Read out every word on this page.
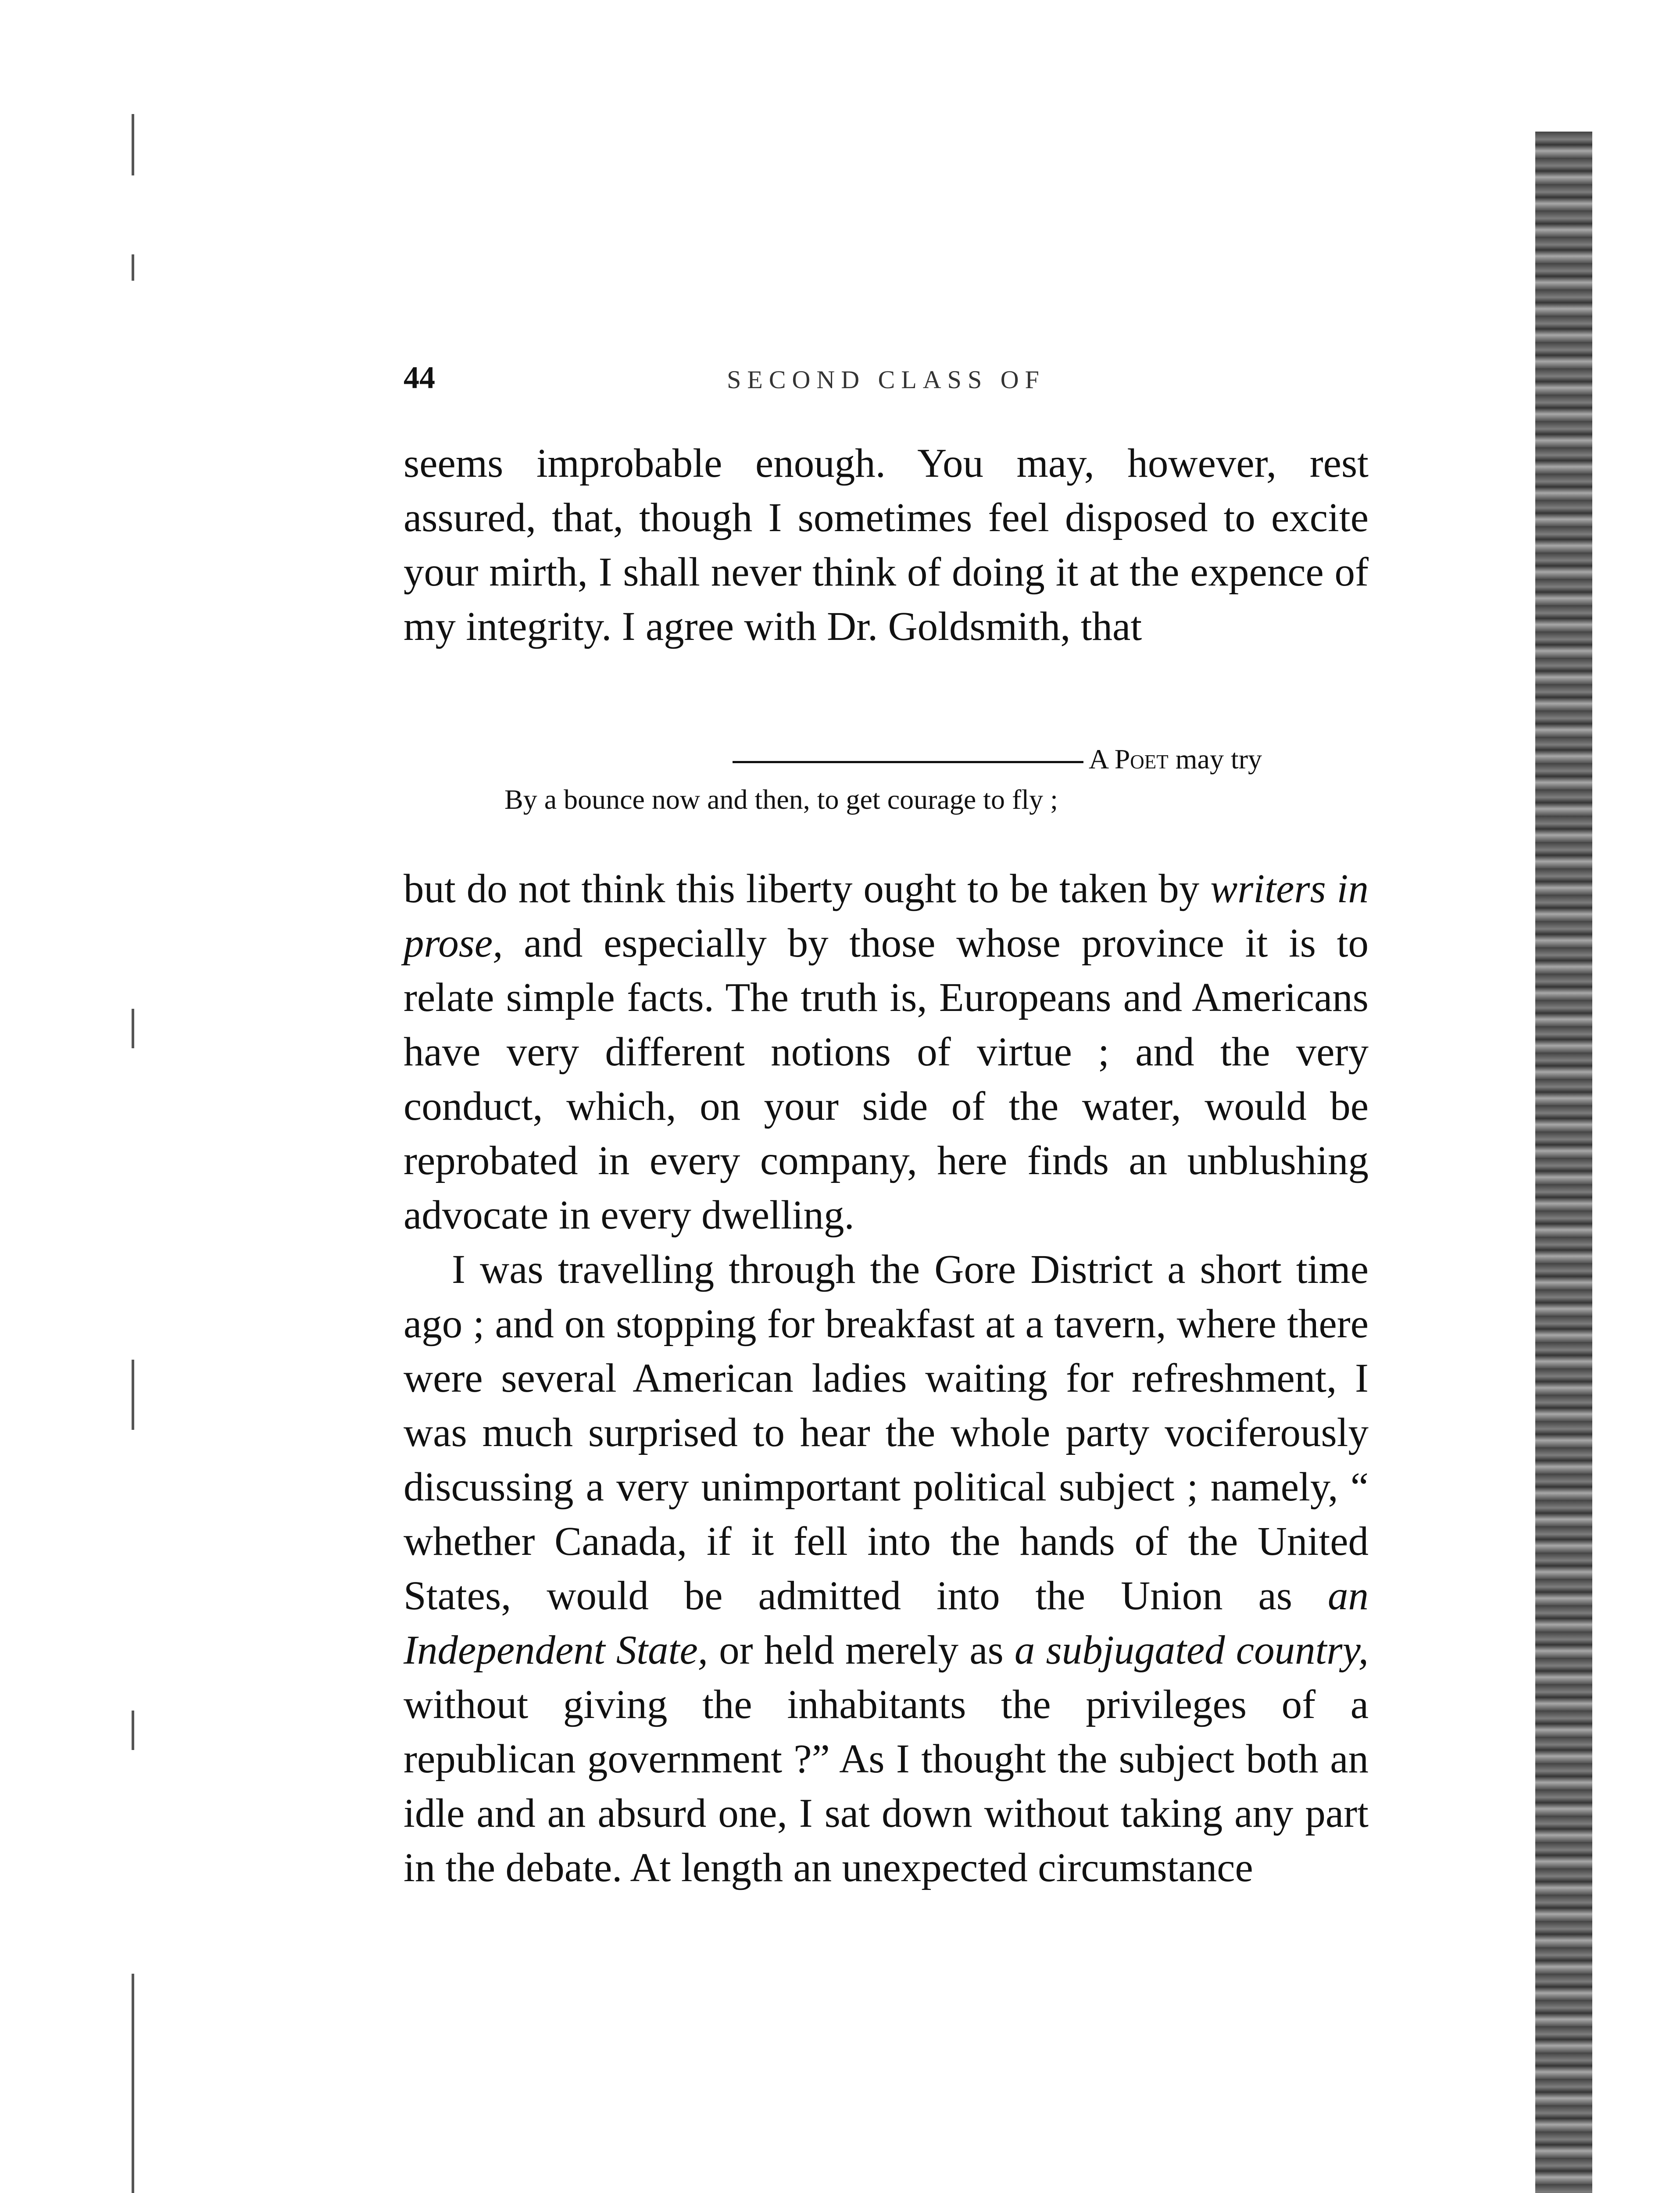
44	SECOND CLASS OF

seems improbable enough. You may, however, rest assured, that, though I sometimes feel disposed to excite your mirth, I shall never think of doing it at the expence of my integrity. I agree with Dr. Goldsmith, that

A Poet may try
By a bounce now and then, to get courage to fly ;

but do not think this liberty ought to be taken by writers in prose, and especially by those whose province it is to relate simple facts. The truth is, Europeans and Americans have very different notions of virtue ; and the very conduct, which, on your side of the water, would be reprobated in every company, here finds an unblushing advocate in every dwelling.

I was travelling through the Gore District a short time ago ; and on stopping for breakfast at a tavern, where there were several American ladies waiting for refreshment, I was much surprised to hear the whole party vociferously discussing a very unimportant political subject ; namely, “ whether Canada, if it fell into the hands of the United States, would be admitted into the Union as an Independent State, or held merely as a subjugated country, without giving the inhabitants the privileges of a republican government ?” As I thought the subject both an idle and an absurd one, I sat down without taking any part in the debate. At length an unexpected circumstance
